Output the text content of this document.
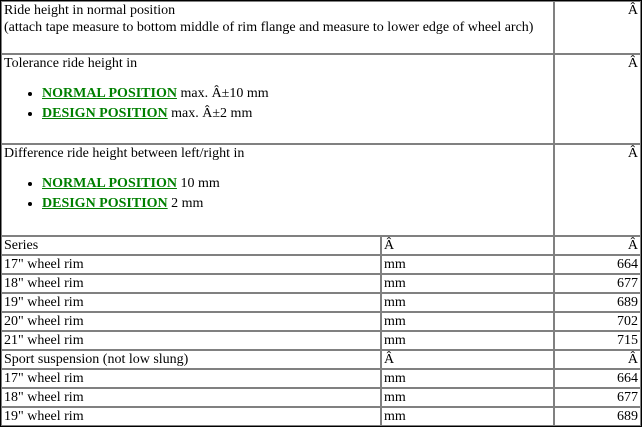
Ride height in normal position
(attach tape measure to bottom middle of rim flange and measure to lower edge of wheel arch)		Â

Tolerance ride height in
• NORMAL POSITION max. Â±10 mm
• DESIGN POSITION max. Â±2 mm
	Â

Difference ride height between left/right in
• NORMAL POSITION 10 mm
• DESIGN POSITION 2 mm
	Â
Series	Â	Â
17" wheel rim	mm	664
18" wheel rim	mm	677
19" wheel rim	mm	689
20" wheel rim	mm	702
21" wheel rim	mm	715
Sport suspension (not low slung)	Â	Â
17" wheel rim	mm	664
18" wheel rim	mm	677
19" wheel rim	mm	689
